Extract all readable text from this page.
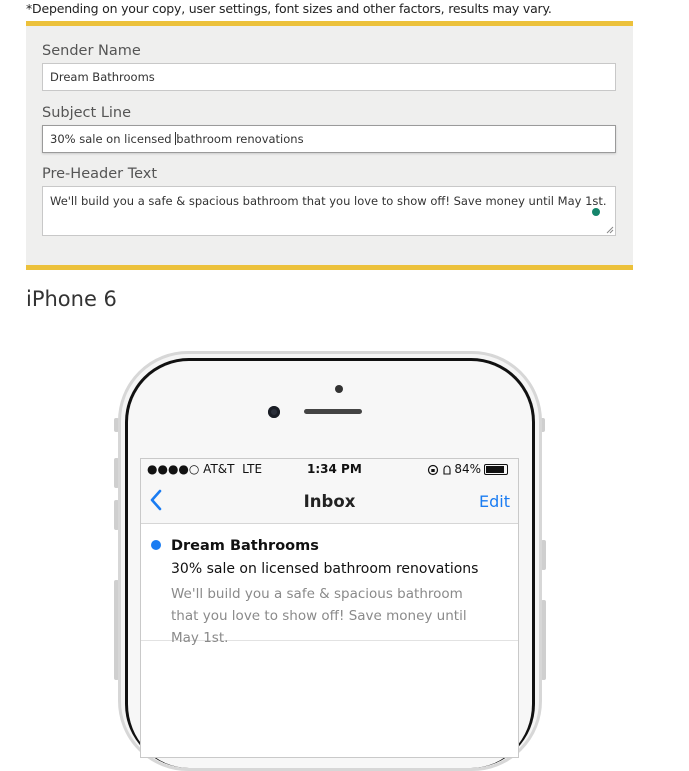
*Depending on your copy, user settings, font sizes and other factors, results may vary.
Sender Name
Dream Bathrooms
Subject Line
30% sale on licensed bathroom renovations
Pre-Header Text
We'll build you a safe & spacious bathroom that you love to show off! Save money until May 1st.
iPhone 6
●●●●○ AT&T  LTE	1:34 PM	84%
Inbox	Edit
Dream Bathrooms
30% sale on licensed bathroom renovations
We'll build you a safe & spacious bathroom that you love to show off! Save money until May 1st.
